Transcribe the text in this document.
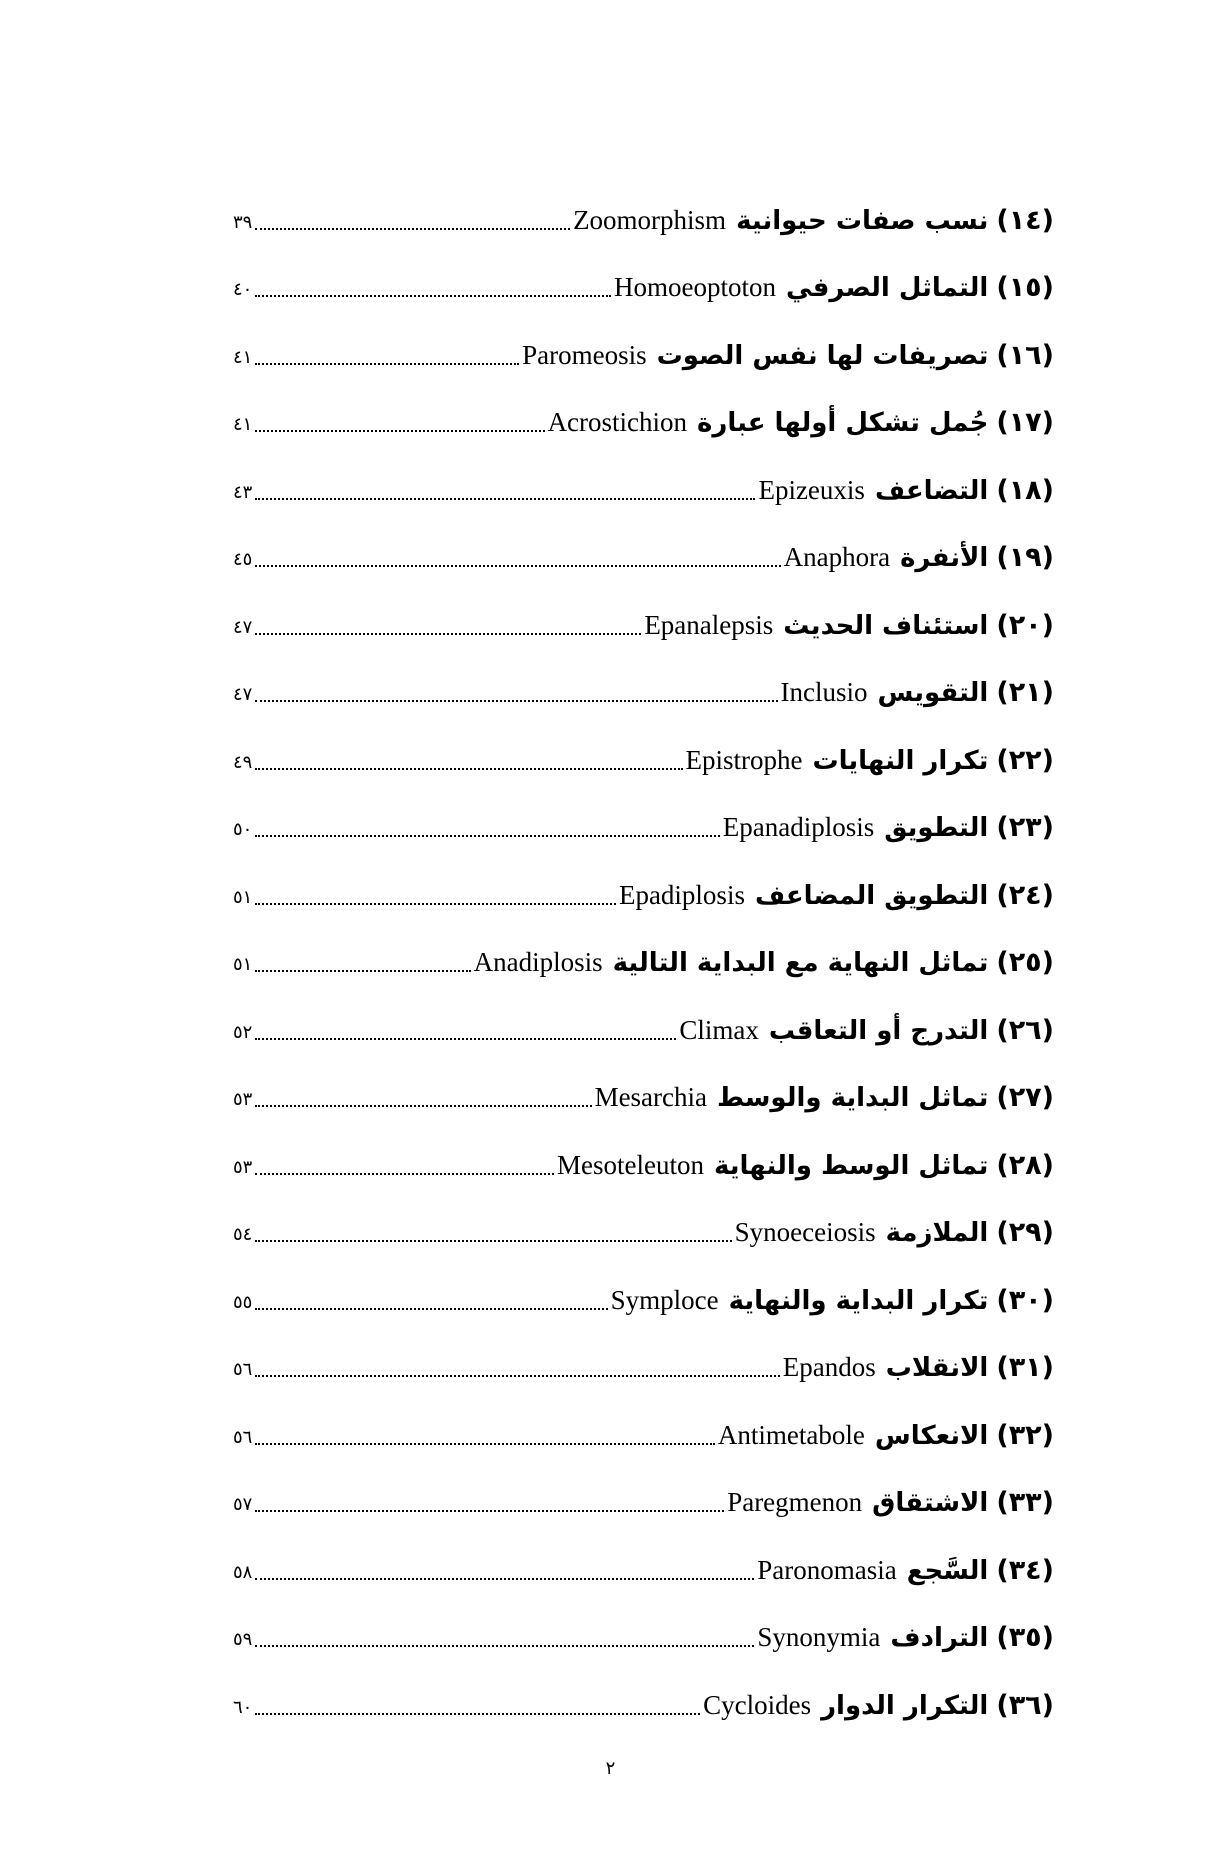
(١٤)
نسب صفات حيوانية
Zoomorphism
٣٩
(١٥)
التماثل الصرفي
Homoeoptoton
٤٠
(١٦)
تصريفات لها نفس الصوت
Paromeosis
٤١
(١٧)
جُمل تشكل أولها عبارة
Acrostichion
٤١
(١٨)
التضاعف
Epizeuxis
٤٣
(١٩)
الأنفرة
Anaphora
٤٥
(٢٠)
استئناف الحديث
Epanalepsis
٤٧
(٢١)
التقويس
Inclusio
٤٧
(٢٢)
تكرار النهايات
Epistrophe
٤٩
(٢٣)
التطويق
Epanadiplosis
٥٠
(٢٤)
التطويق المضاعف
Epadiplosis
٥١
(٢٥)
تماثل النهاية مع البداية التالية
Anadiplosis
٥١
(٢٦)
التدرج أو التعاقب
Climax
٥٢
(٢٧)
تماثل البداية والوسط
Mesarchia
٥٣
(٢٨)
تماثل الوسط والنهاية
Mesoteleuton
٥٣
(٢٩)
الملازمة
Synoeceiosis
٥٤
(٣٠)
تكرار البداية والنهاية
Symploce
٥٥
(٣١)
الانقلاب
Epandos
٥٦
(٣٢)
الانعكاس
Antimetabole
٥٦
(٣٣)
الاشتقاق
Paregmenon
٥٧
(٣٤)
السَّجع
Paronomasia
٥٨
(٣٥)
الترادف
Synonymia
٥٩
(٣٦)
التكرار الدوار
Cycloides
٦٠
٢
